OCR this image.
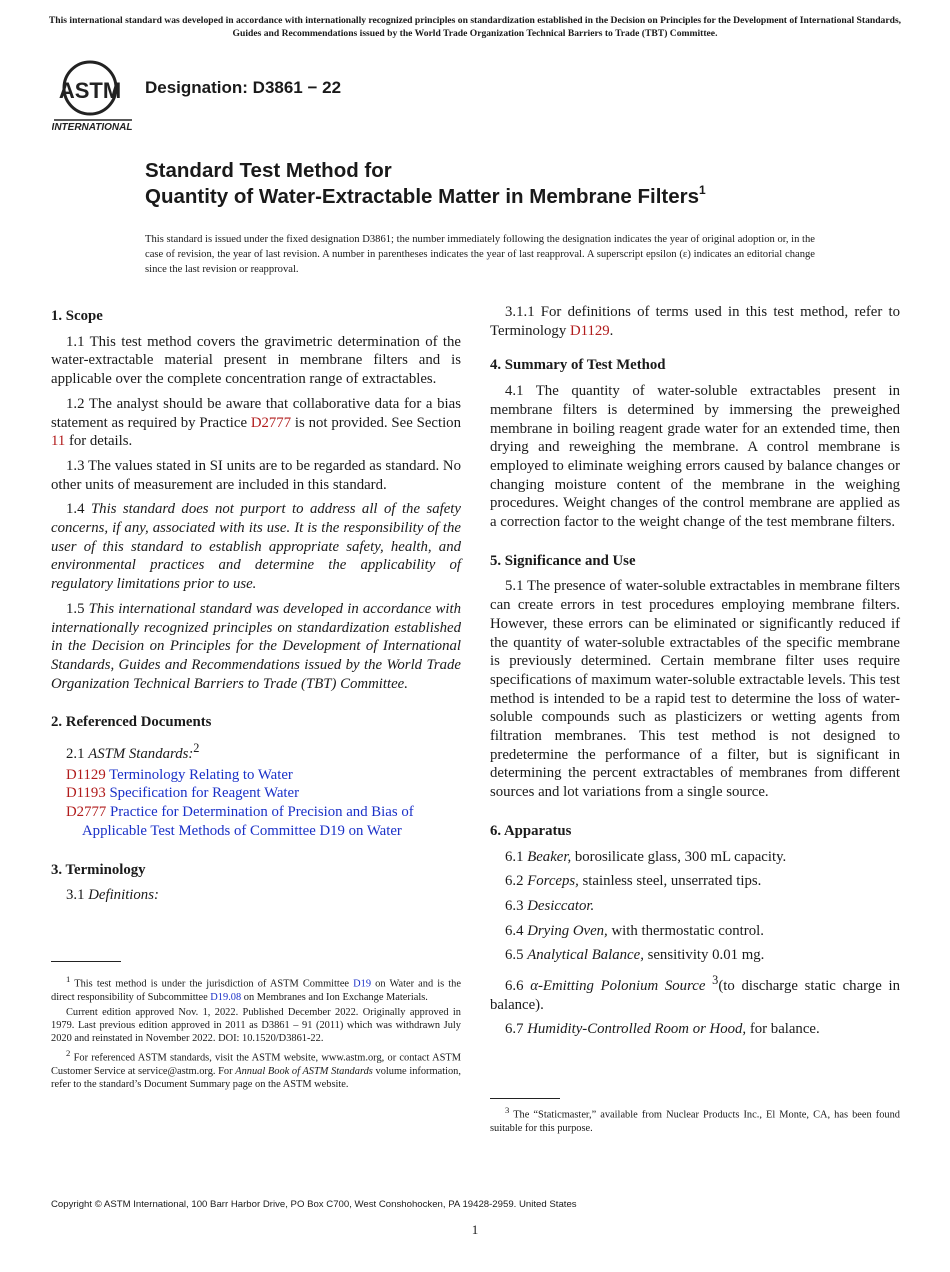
This international standard was developed in accordance with internationally recognized principles on standardization established in the Decision on Principles for the Development of International Standards, Guides and Recommendations issued by the World Trade Organization Technical Barriers to Trade (TBT) Committee.
ASTM
INTERNATIONAL
Designation: D3861 − 22
Standard Test Method for
Quantity of Water-Extractable Matter in Membrane Filters$^1$
This standard is issued under the fixed designation D3861; the number immediately following the designation indicates the year of original adoption or, in the case of revision, the year of last revision. A number in parentheses indicates the year of last reapproval. A superscript epsilon (ε) indicates an editorial change since the last revision or reapproval.
1. Scope

1.1 This test method covers the gravimetric determination of the water-extractable material present in membrane filters and is applicable over the complete concentration range of extractables.

1.2 The analyst should be aware that collaborative data for a bias statement as required by Practice D2777 is not provided. See Section 11 for details.

1.3 The values stated in SI units are to be regarded as standard. No other units of measurement are included in this standard.

1.4 This standard does not purport to address all of the safety concerns, if any, associated with its use. It is the responsibility of the user of this standard to establish appropriate safety, health, and environmental practices and determine the applicability of regulatory limitations prior to use.

1.5 This international standard was developed in accordance with internationally recognized principles on standardization established in the Decision on Principles for the Development of International Standards, Guides and Recommendations issued by the World Trade Organization Technical Barriers to Trade (TBT) Committee.

2. Referenced Documents

2.1 ASTM Standards:$^2$

D1129 Terminology Relating to Water
D1193 Specification for Reagent Water
D2777 Practice for Determination of Precision and Bias of Applicable Test Methods of Committee D19 on Water
3. Terminology

3.1 Definitions:

3.1.1 For definitions of terms used in this test method, refer to Terminology D1129.

4. Summary of Test Method

4.1 The quantity of water-soluble extractables present in membrane filters is determined by immersing the preweighed membrane in boiling reagent grade water for an extended time, then drying and reweighing the membrane. A control membrane is employed to eliminate weighing errors caused by balance changes or changing moisture content of the membrane in the weighing procedures. Weight changes of the control membrane are applied as a correction factor to the weight change of the test membrane filters.

5. Significance and Use

5.1 The presence of water-soluble extractables in membrane filters can create errors in test procedures employing membrane filters. However, these errors can be eliminated or significantly reduced if the quantity of water-soluble extractables of the specific membrane is previously determined. Certain membrane filter uses require specifications of maximum water-soluble extractable levels. This test method is intended to be a rapid test to determine the loss of water-soluble compounds such as plasticizers or wetting agents from filtration membranes. This test method is not designed to predetermine the performance of a filter, but is significant in determining the percent extractables of membranes from different sources and lot variations from a single source.

6. Apparatus

6.1 Beaker, borosilicate glass, 300 mL capacity.

6.2 Forceps, stainless steel, unserrated tips.

6.3 Desiccator.

6.4 Drying Oven, with thermostatic control.

6.5 Analytical Balance, sensitivity 0.01 mg.

6.6 α-Emitting Polonium Source $^3$(to discharge static charge in balance).

6.7 Humidity-Controlled Room or Hood, for balance.

$^1$ This test method is under the jurisdiction of ASTM Committee D19 on Water and is the direct responsibility of Subcommittee D19.08 on Membranes and Ion Exchange Materials.

Current edition approved Nov. 1, 2022. Published December 2022. Originally approved in 1979. Last previous edition approved in 2011 as D3861 – 91 (2011) which was withdrawn July 2020 and reinstated in November 2022. DOI: 10.1520/D3861-22.

$^2$ For referenced ASTM standards, visit the ASTM website, www.astm.org, or contact ASTM Customer Service at service@astm.org. For Annual Book of ASTM Standards volume information, refer to the standard’s Document Summary page on the ASTM website.

$^3$ The “Staticmaster,” available from Nuclear Products Inc., El Monte, CA, has been found suitable for this purpose.

Copyright © ASTM International, 100 Barr Harbor Drive, PO Box C700, West Conshohocken, PA 19428-2959. United States
1
